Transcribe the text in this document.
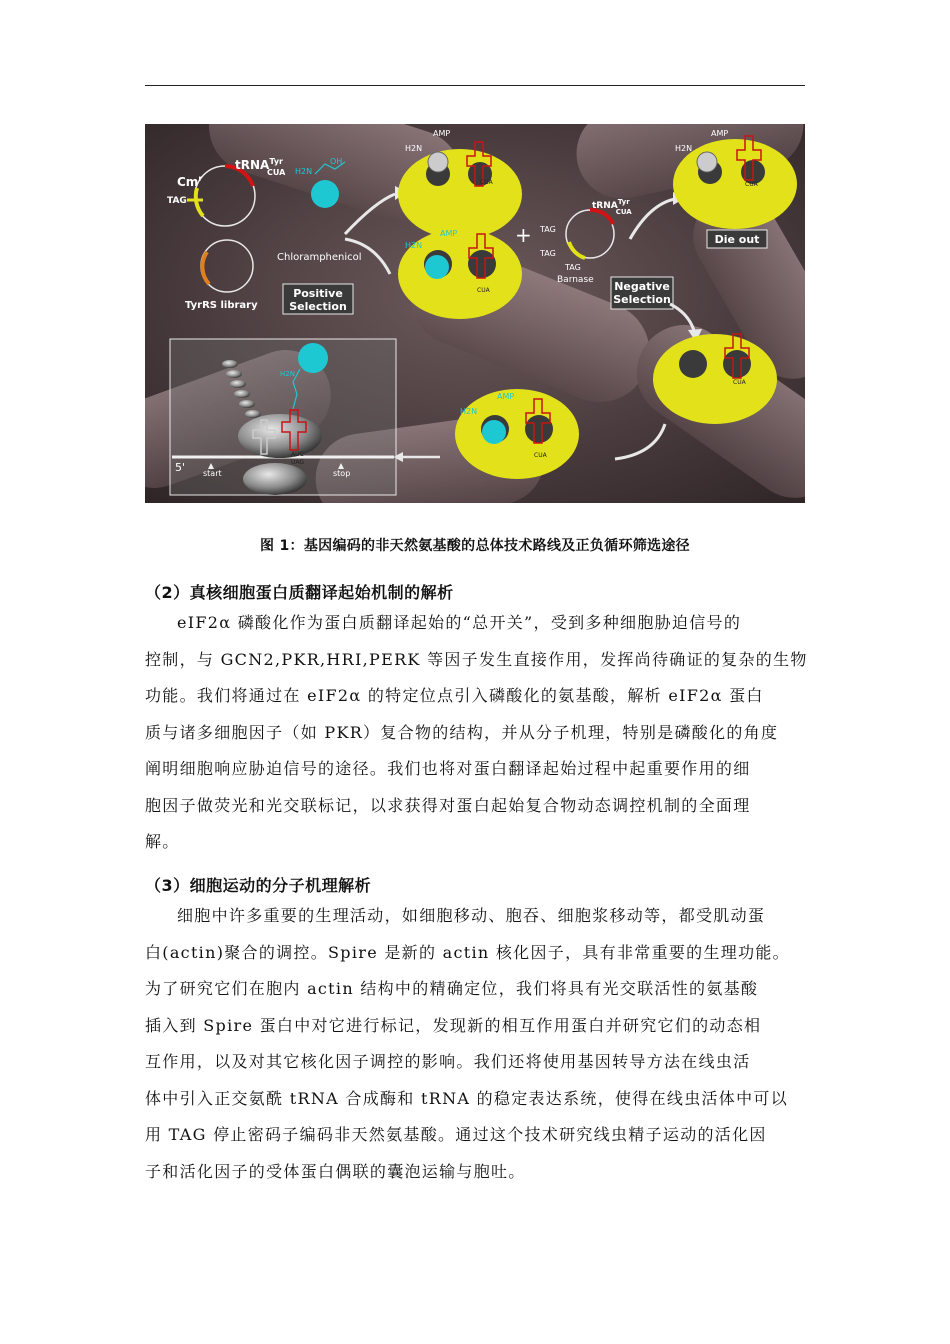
Cm$^r$
TAG
tRNA$^{Tyr}$ CUA
TyrRS library
H2N
OH
Chloramphenicol
Positive
Selection
CUA
H2N
AMP
CUA
H2N
AMP	+ TAG
TAG
TAG
Barnase
tRNA$^{Tyr}$ CUA
CUA
H2N
AMP
Die out
Negative
Selection
CUA
CUA
H2N
AMP
AUC
UAG
H2N
5' start	stop
图 1：基因编码的非天然氨基酸的总体技术路线及正负循环筛选途径
（2）真核细胞蛋白质翻译起始机制的解析
eIF2α 磷酸化作为蛋白质翻译起始的“总开关”，受到多种细胞胁迫信号的
控制，与 GCN2,PKR,HRI,PERK 等因子发生直接作用，发挥尚待确证的复杂的生物
功能。我们将通过在 eIF2α 的特定位点引入磷酸化的氨基酸，解析 eIF2α 蛋白
质与诸多细胞因子（如 PKR）复合物的结构，并从分子机理，特别是磷酸化的角度
阐明细胞响应胁迫信号的途径。我们也将对蛋白翻译起始过程中起重要作用的细
胞因子做荧光和光交联标记，以求获得对蛋白起始复合物动态调控机制的全面理
解。
（3）细胞运动的分子机理解析
细胞中许多重要的生理活动，如细胞移动、胞吞、细胞浆移动等，都受肌动蛋
白(actin)聚合的调控。Spire 是新的 actin 核化因子，具有非常重要的生理功能。
为了研究它们在胞内 actin 结构中的精确定位，我们将具有光交联活性的氨基酸
插入到 Spire 蛋白中对它进行标记，发现新的相互作用蛋白并研究它们的动态相
互作用，以及对其它核化因子调控的影响。我们还将使用基因转导方法在线虫活
体中引入正交氨酰 tRNA 合成酶和 tRNA 的稳定表达系统，使得在线虫活体中可以
用 TAG 停止密码子编码非天然氨基酸。通过这个技术研究线虫精子运动的活化因
子和活化因子的受体蛋白偶联的囊泡运输与胞吐。
